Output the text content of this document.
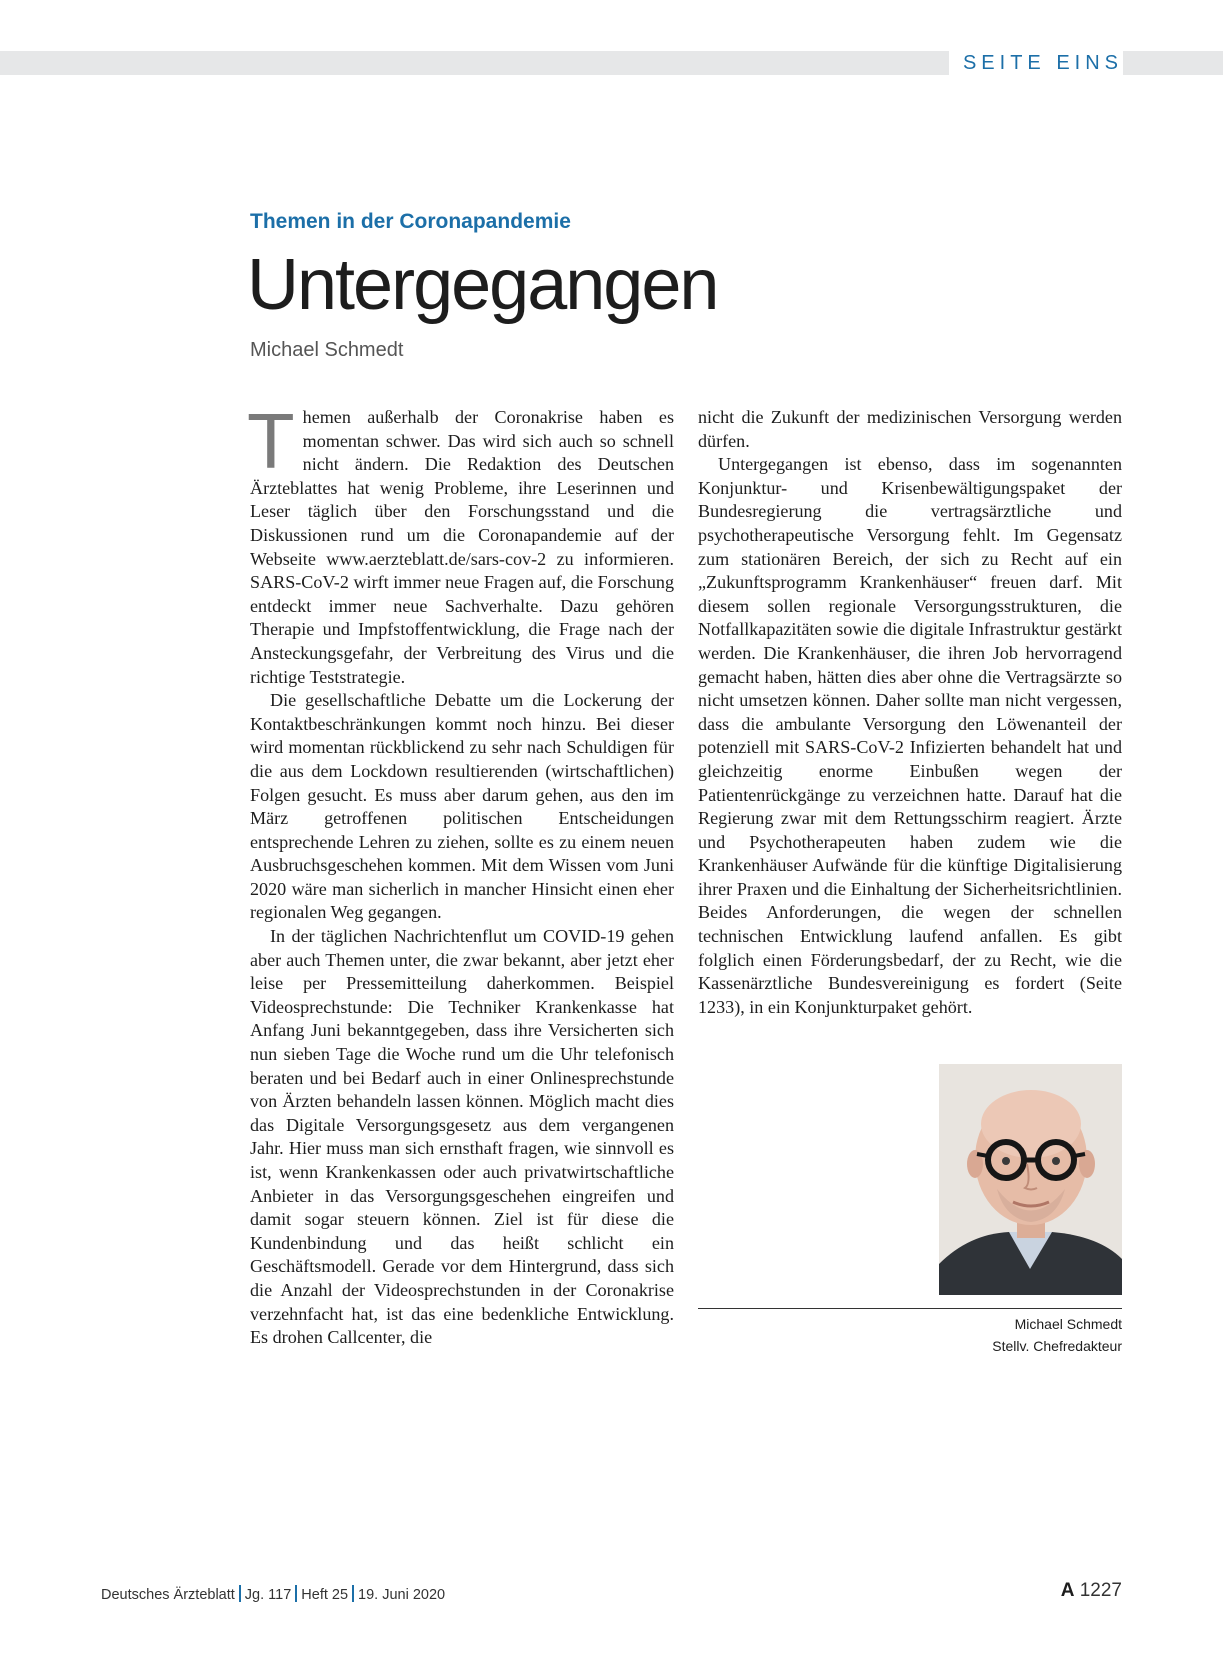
SEITE EINS
Themen in der Coronapandemie
Untergegangen
Michael Schmedt

Themen außerhalb der Coronakrise haben es momentan schwer. Das wird sich auch so schnell nicht ändern. Die Redaktion des Deutschen Ärzteblattes hat wenig Probleme, ihre Leserinnen und Leser täglich über den Forschungsstand und die Diskussionen rund um die Coronapandemie auf der Webseite www.aerzteblatt.de/sars-cov-2 zu informieren. SARS-CoV-2 wirft immer neue Fragen auf, die Forschung entdeckt immer neue Sachverhalte. Dazu gehören Therapie und Impfstoffentwicklung, die Frage nach der Ansteckungsgefahr, der Verbreitung des Virus und die richtige Teststrategie.

Die gesellschaftliche Debatte um die Lockerung der Kontaktbeschränkungen kommt noch hinzu. Bei dieser wird momentan rückblickend zu sehr nach Schuldigen für die aus dem Lockdown resultierenden (wirtschaftlichen) Folgen gesucht. Es muss aber darum gehen, aus den im März getroffenen politischen Entscheidungen entsprechende Lehren zu ziehen, sollte es zu einem neuen Ausbruchsgeschehen kommen. Mit dem Wissen vom Juni 2020 wäre man sicherlich in mancher Hinsicht einen eher regionalen Weg gegangen.

In der täglichen Nachrichtenflut um COVID-19 gehen aber auch Themen unter, die zwar bekannt, aber jetzt eher leise per Pressemitteilung daherkommen. Beispiel Videosprechstunde: Die Techniker Krankenkasse hat Anfang Juni bekanntgegeben, dass ihre Versicherten sich nun sieben Tage die Woche rund um die Uhr telefonisch beraten und bei Bedarf auch in einer Onlinesprechstunde von Ärzten behandeln lassen können. Möglich macht dies das Digitale Versorgungsgesetz aus dem vergangenen Jahr. Hier muss man sich ernsthaft fragen, wie sinnvoll es ist, wenn Krankenkassen oder auch privatwirtschaftliche Anbieter in das Versorgungsgeschehen eingreifen und damit sogar steuern können. Ziel ist für diese die Kundenbindung und das heißt schlicht ein Geschäftsmodell. Gerade vor dem Hintergrund, dass sich die Anzahl der Videosprechstunden in der Coronakrise verzehnfacht hat, ist das eine bedenkliche Entwicklung. Es drohen Callcenter, die

nicht die Zukunft der medizinischen Versorgung werden dürfen.

Untergegangen ist ebenso, dass im sogenannten Konjunktur- und Krisenbewältigungspaket der Bundesregierung die vertragsärztliche und psychotherapeutische Versorgung fehlt. Im Gegensatz zum stationären Bereich, der sich zu Recht auf ein „Zukunftsprogramm Krankenhäuser“ freuen darf. Mit diesem sollen regionale Versorgungsstrukturen, die Notfallkapazitäten sowie die digitale Infrastruktur gestärkt werden. Die Krankenhäuser, die ihren Job hervorragend gemacht haben, hätten dies aber ohne die Vertragsärzte so nicht umsetzen können. Daher sollte man nicht vergessen, dass die ambulante Versorgung den Löwenanteil der potenziell mit SARS-CoV-2 Infizierten behandelt hat und gleichzeitig enorme Einbußen wegen der Patientenrückgänge zu verzeichnen hatte. Darauf hat die Regierung zwar mit dem Rettungsschirm reagiert. Ärzte und Psychotherapeuten haben zudem wie die Krankenhäuser Aufwände für die künftige Digitalisierung ihrer Praxen und die Einhaltung der Sicherheitsrichtlinien. Beides Anforderungen, die wegen der schnellen technischen Entwicklung laufend anfallen. Es gibt folglich einen Förderungsbedarf, der zu Recht, wie die Kassenärztliche Bundesvereinigung es fordert (Seite 1233), in ein Konjunkturpaket gehört.

Michael Schmedt
Stellv. Chefredakteur
Deutsches Ärzteblatt Jg. 117 Heft 25 19. Juni 2020	A 1227
